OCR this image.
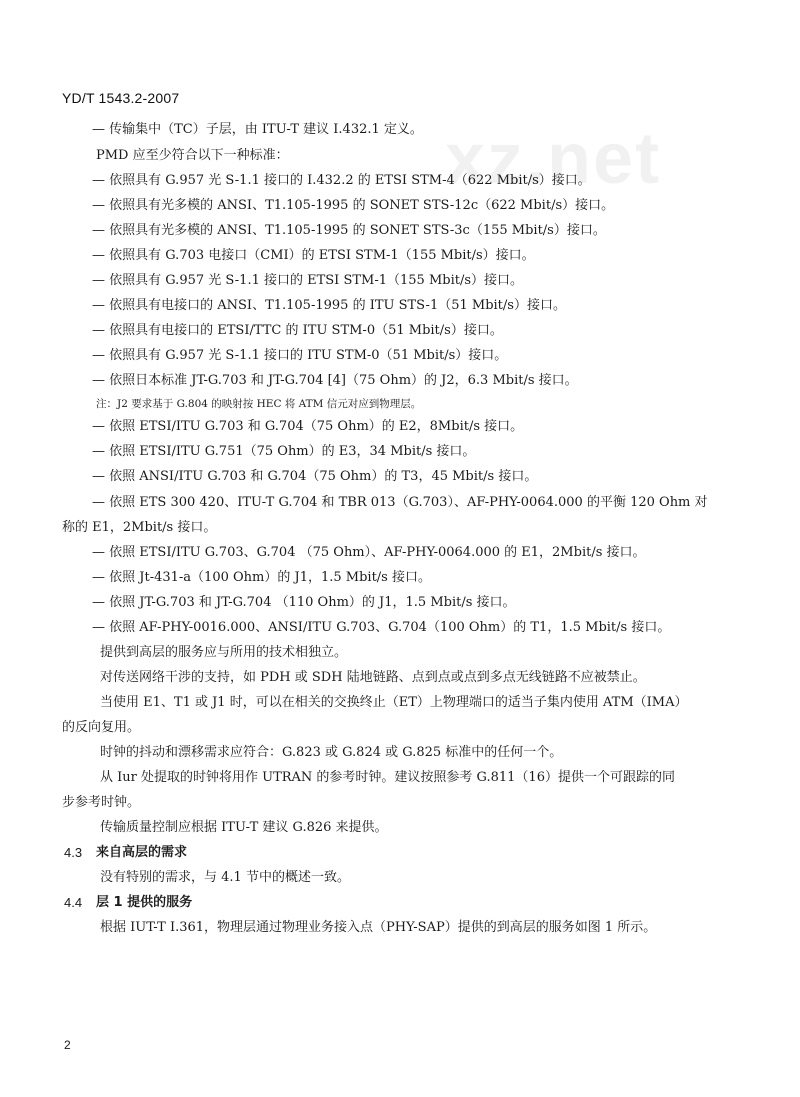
YD/T 1543.2-2007
xz.net
— 传输集中（TC）子层，由 ITU-T 建议 I.432.1 定义。
PMD 应至少符合以下一种标准：
— 依照具有 G.957 光 S-1.1 接口的 I.432.2 的 ETSI STM-4（622 Mbit/s）接口。
— 依照具有光多模的 ANSI、T1.105-1995 的 SONET STS-12c（622 Mbit/s）接口。
— 依照具有光多模的 ANSI、T1.105-1995 的 SONET STS-3c（155 Mbit/s）接口。
— 依照具有 G.703 电接口（CMI）的 ETSI STM-1（155 Mbit/s）接口。
— 依照具有 G.957 光 S-1.1 接口的 ETSI STM-1（155 Mbit/s）接口。
— 依照具有电接口的 ANSI、T1.105-1995 的 ITU STS-1（51 Mbit/s）接口。
— 依照具有电接口的 ETSI/TTC 的 ITU STM-0（51 Mbit/s）接口。
— 依照具有 G.957 光 S-1.1 接口的 ITU STM-0（51 Mbit/s）接口。
— 依照日本标准 JT-G.703 和 JT-G.704 [4]（75 Ohm）的 J2，6.3 Mbit/s 接口。
注：J2 要求基于 G.804 的映射按 HEC 将 ATM 信元对应到物理层。
— 依照 ETSI/ITU G.703 和 G.704（75 Ohm）的 E2，8Mbit/s 接口。
— 依照 ETSI/ITU G.751（75 Ohm）的 E3，34 Mbit/s 接口。
— 依照 ANSI/ITU G.703 和 G.704（75 Ohm）的 T3，45 Mbit/s 接口。
— 依照 ETS 300 420、ITU-T G.704 和 TBR 013（G.703）、AF-PHY-0064.000 的平衡 120 Ohm 对
称的 E1，2Mbit/s 接口。
— 依照 ETSI/ITU G.703、G.704 （75 Ohm）、AF-PHY-0064.000 的 E1，2Mbit/s 接口。
— 依照 Jt-431-a（100 Ohm）的 J1，1.5 Mbit/s 接口。
— 依照 JT-G.703 和 JT-G.704 （110 Ohm）的 J1，1.5 Mbit/s 接口。
— 依照 AF-PHY-0016.000、ANSI/ITU G.703、G.704（100 Ohm）的 T1，1.5 Mbit/s 接口。
提供到高层的服务应与所用的技术相独立。
对传送网络干涉的支持，如 PDH 或 SDH 陆地链路、点到点或点到多点无线链路不应被禁止。
当使用 E1、T1 或 J1 时，可以在相关的交换终止（ET）上物理端口的适当子集内使用 ATM（IMA）
的反向复用。
时钟的抖动和漂移需求应符合：G.823 或 G.824 或 G.825 标准中的任何一个。
从 Iur 处提取的时钟将用作 UTRAN 的参考时钟。建议按照参考 G.811（16）提供一个可跟踪的同
步参考时钟。
传输质量控制应根据 ITU-T 建议 G.826 来提供。
4.3 来自高层的需求
没有特别的需求，与 4.1 节中的概述一致。
4.4 层 1 提供的服务
根据 IUT-T I.361，物理层通过物理业务接入点（PHY-SAP）提供的到高层的服务如图 1 所示。
2
